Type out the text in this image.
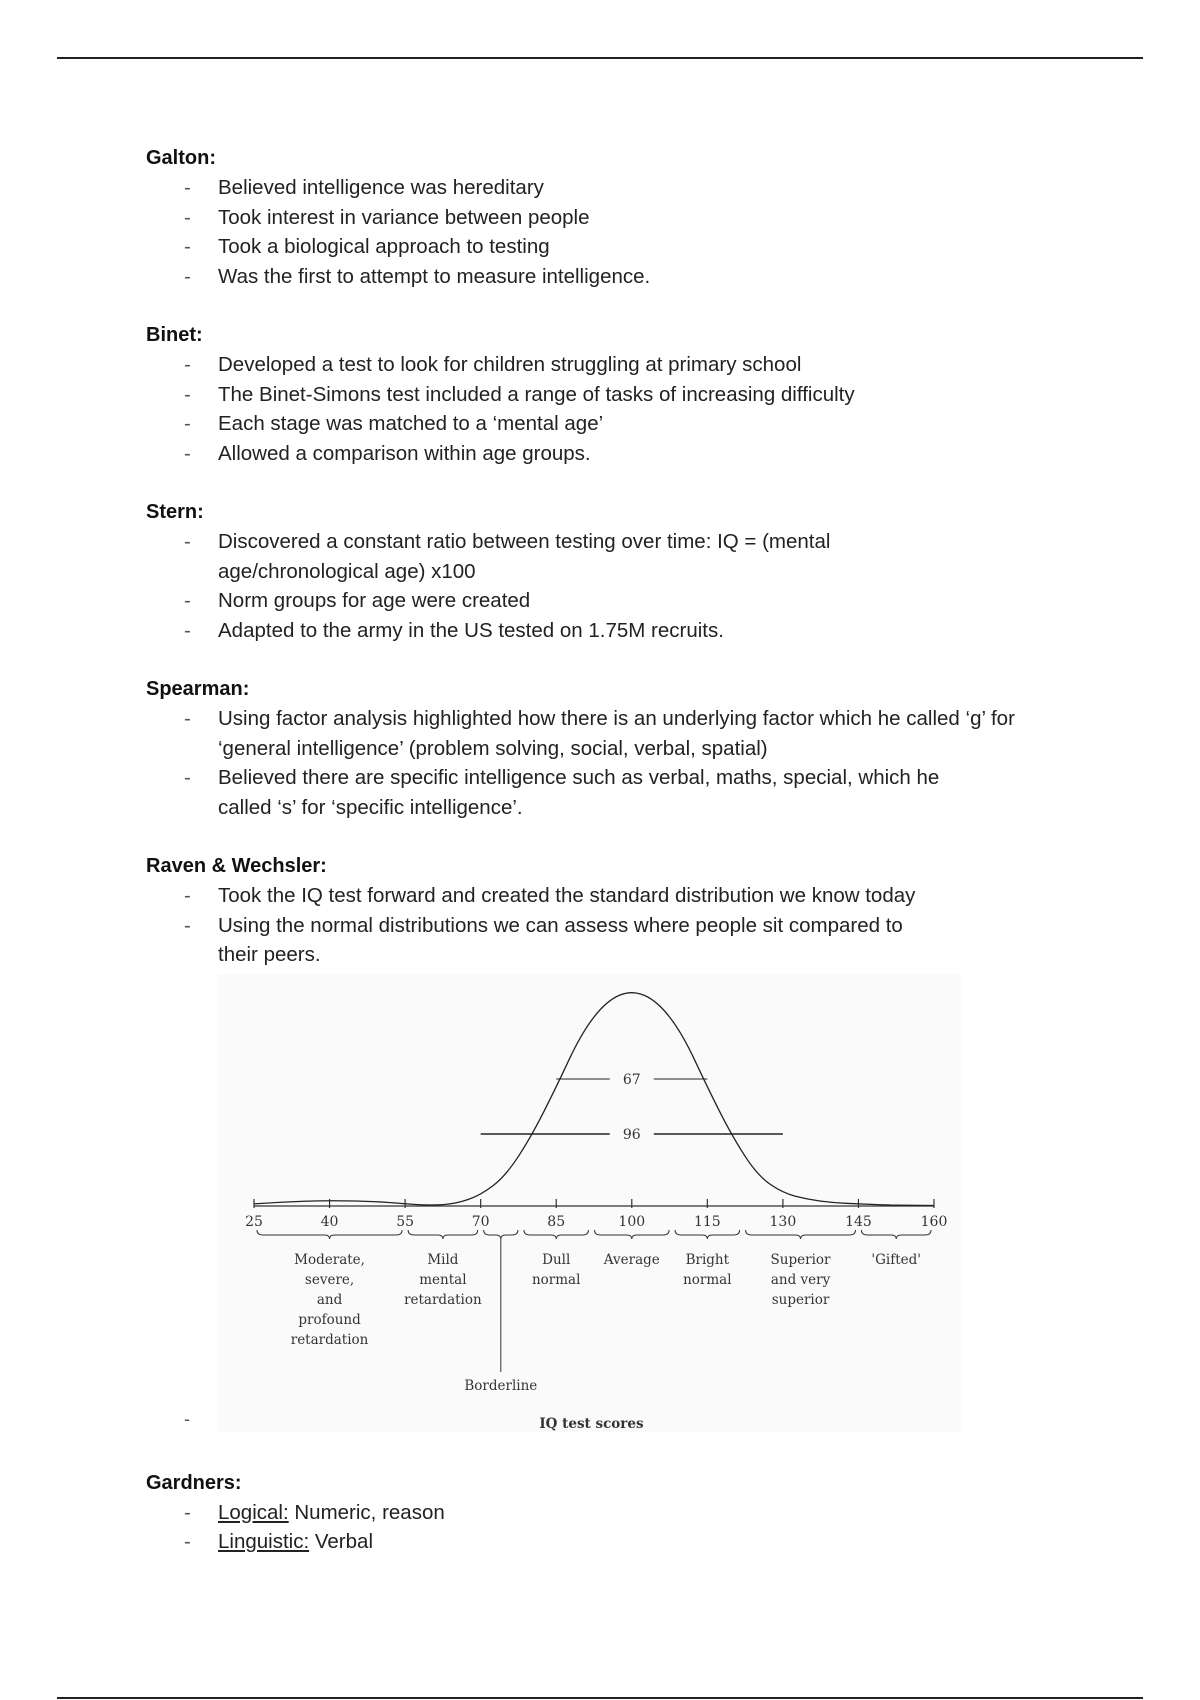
Galton:
- Believed intelligence was hereditary
- Took interest in variance between people
- Took a biological approach to testing
- Was the first to attempt to measure intelligence.
Binet:
- Developed a test to look for children struggling at primary school
- The Binet-Simons test included a range of tasks of increasing difficulty
- Each stage was matched to a ‘mental age’
- Allowed a comparison within age groups.
Stern:
- Discovered a constant ratio between testing over time: IQ = (mental age/chronological age) x100
- Norm groups for age were created
- Adapted to the army in the US tested on 1.75M recruits.
Spearman:
- Using factor analysis highlighted how there is an underlying factor which he called ‘g’ for ‘general intelligence’ (problem solving, social, verbal, spatial)
- Believed there are specific intelligence such as verbal, maths, special, which he called ‘s’ for ‘specific intelligence’.
Raven & Wechsler:
- Took the IQ test forward and created the standard distribution we know today
- Using the normal distributions we can assess where people sit compared to their peers.
-
25	40	55	70	85	100	115	130	145	160
67
96
Moderate, severe, and profound retardation
Mild mental retardation
Borderline
Dull normal
Average Bright normal
Superior and very superior
'Gifted'
IQ test scores
Gardners:
- Logical: Numeric, reason
- Linguistic: Verbal
